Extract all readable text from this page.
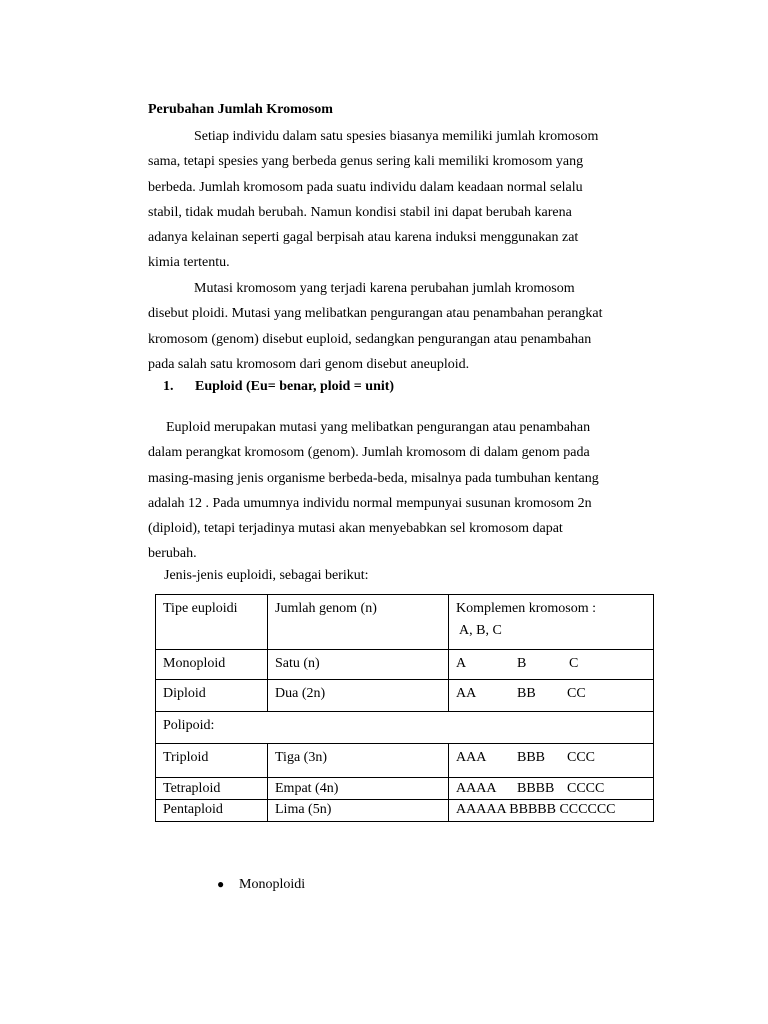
Perubahan Jumlah Kromosom
Setiap individu dalam satu spesies biasanya memiliki jumlah kromosom
sama, tetapi spesies yang berbeda genus sering kali memiliki kromosom yang
berbeda. Jumlah kromosom pada suatu individu dalam keadaan normal selalu
stabil, tidak mudah berubah. Namun kondisi stabil ini dapat berubah karena
adanya kelainan seperti gagal berpisah atau karena induksi menggunakan zat
kimia tertentu.
Mutasi kromosom yang terjadi karena perubahan jumlah kromosom
disebut ploidi. Mutasi yang melibatkan pengurangan atau penambahan perangkat
kromosom (genom) disebut euploid, sedangkan pengurangan atau penambahan
pada salah satu kromosom dari genom disebut aneuploid.
1. Euploid (Eu= benar, ploid = unit)
Euploid merupakan mutasi yang melibatkan pengurangan atau penambahan
dalam perangkat kromosom (genom). Jumlah kromosom di dalam genom pada
masing-masing jenis organisme berbeda-beda, misalnya pada tumbuhan kentang
adalah 12 . Pada umumnya individu normal mempunyai susunan kromosom 2n
(diploid), tetapi terjadinya mutasi akan menyebabkan sel kromosom dapat
berubah.
Jenis-jenis euploidi, sebagai berikut:
Tipe euploidi	Jumlah genom (n)	Komplemen kromosom :
A, B, C

Monoploid	Satu (n)	A B C

Diploid	Dua (2n)	AA BB CC

Polipoid:		

Triploid	Tiga (3n)	AAA BBB CCC

Tetraploid	Empat (4n)	AAAA BBBB CCCC

Pentaploid	Lima (5n)	AAAAA BBBBB CCCCCC
● Monoploidi
